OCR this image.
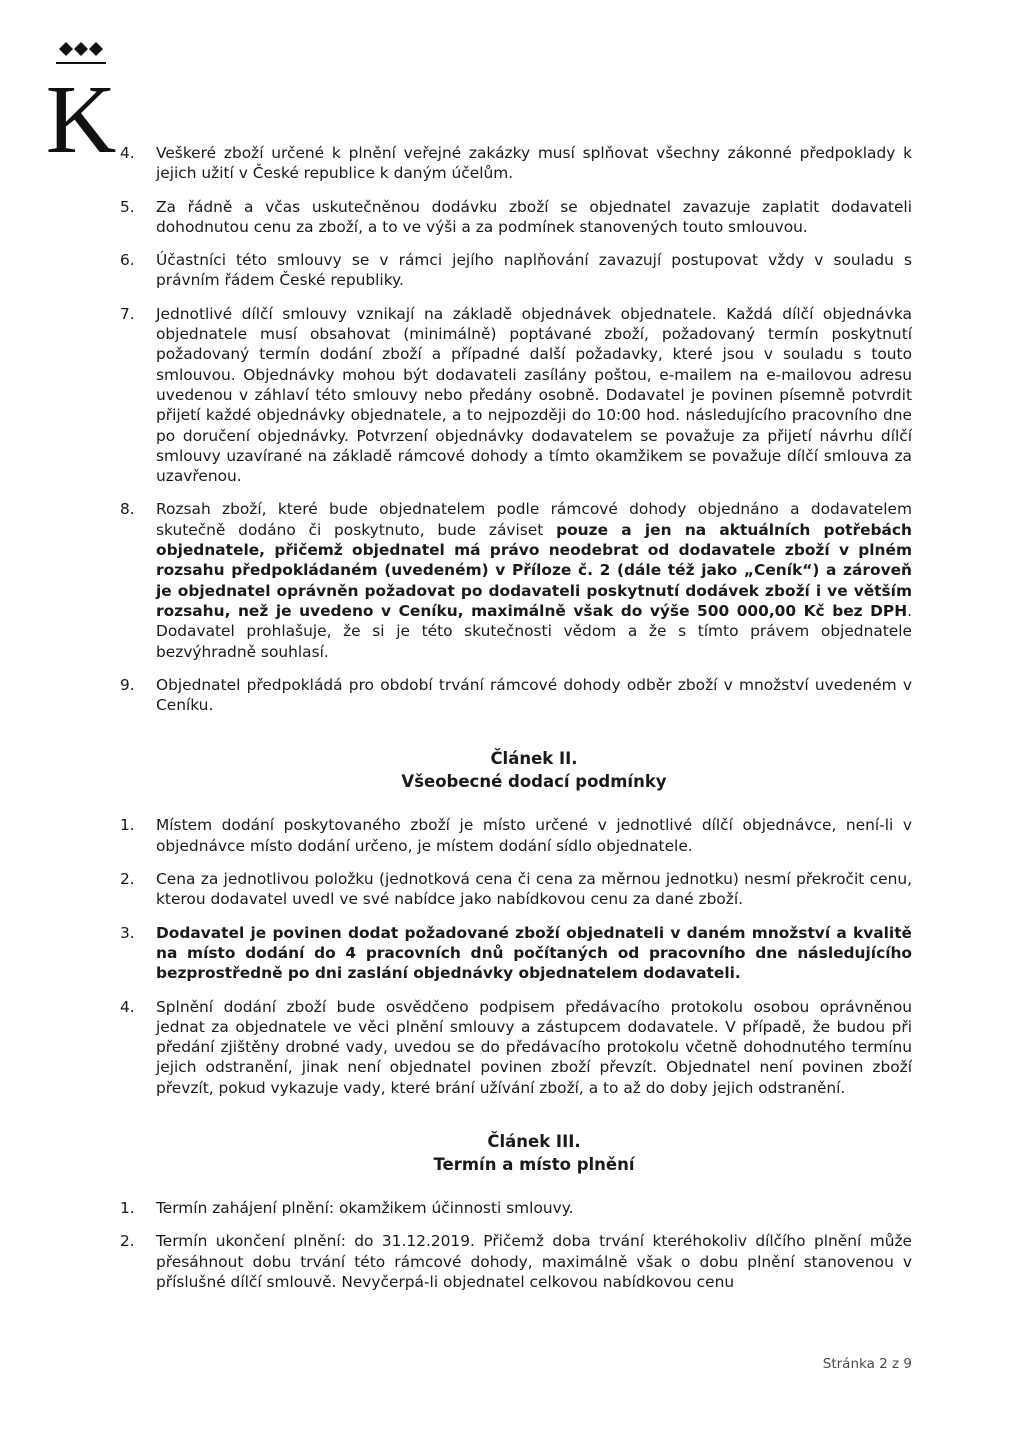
K 4. Veškeré zboží určené k plnění veřejné zakázky musí splňovat všechny zákonné předpoklady k jejich užití v České republice k daným účelům.
5. Za řádně a včas uskutečněnou dodávku zboží se objednatel zavazuje zaplatit dodavateli dohodnutou cenu za zboží, a to ve výši a za podmínek stanovených touto smlouvou.
6. Účastníci této smlouvy se v rámci jejího naplňování zavazují postupovat vždy v souladu s právním řádem České republiky.
7. Jednotlivé dílčí smlouvy vznikají na základě objednávek objednatele. Každá dílčí objednávka objednatele musí obsahovat (minimálně) poptávané zboží, požadovaný termín poskytnutí požadovaný termín dodání zboží a případné další požadavky, které jsou v souladu s touto smlouvou. Objednávky mohou být dodavateli zasílány poštou, e-mailem na e-mailovou adresu uvedenou v záhlaví této smlouvy nebo předány osobně. Dodavatel je povinen písemně potvrdit přijetí každé objednávky objednatele, a to nejpozději do 10:00 hod. následujícího pracovního dne po doručení objednávky. Potvrzení objednávky dodavatelem se považuje za přijetí návrhu dílčí smlouvy uzavírané na základě rámcové dohody a tímto okamžikem se považuje dílčí smlouva za uzavřenou.
8. Rozsah zboží, které bude objednatelem podle rámcové dohody objednáno a dodavatelem skutečně dodáno či poskytnuto, bude záviset pouze a jen na aktuálních potřebách objednatele, přičemž objednatel má právo neodebrat od dodavatele zboží v plném rozsahu předpokládaném (uvedeném) v Příloze č. 2 (dále též jako „Ceník“) a zároveň je objednatel oprávněn požadovat po dodavateli poskytnutí dodávek zboží i ve větším rozsahu, než je uvedeno v Ceníku, maximálně však do výše 500 000,00 Kč bez DPH. Dodavatel prohlašuje, že si je této skutečnosti vědom a že s tímto právem objednatele bezvýhradně souhlasí.
9. Objednatel předpokládá pro období trvání rámcové dohody odběr zboží v množství uvedeném v Ceníku.
Článek II.
Všeobecné dodací podmínky
1. Místem dodání poskytovaného zboží je místo určené v jednotlivé dílčí objednávce, není-li v objednávce místo dodání určeno, je místem dodání sídlo objednatele.
2. Cena za jednotlivou položku (jednotková cena či cena za měrnou jednotku) nesmí překročit cenu, kterou dodavatel uvedl ve své nabídce jako nabídkovou cenu za dané zboží.
3. Dodavatel je povinen dodat požadované zboží objednateli v daném množství a kvalitě na místo dodání do 4 pracovních dnů počítaných od pracovního dne následujícího bezprostředně po dni zaslání objednávky objednatelem dodavateli.
4. Splnění dodání zboží bude osvědčeno podpisem předávacího protokolu osobou oprávněnou jednat za objednatele ve věci plnění smlouvy a zástupcem dodavatele. V případě, že budou při předání zjištěny drobné vady, uvedou se do předávacího protokolu včetně dohodnutého termínu jejich odstranění, jinak není objednatel povinen zboží převzít. Objednatel není povinen zboží převzít, pokud vykazuje vady, které brání užívání zboží, a to až do doby jejich odstranění.
Článek III.
Termín a místo plnění
1. Termín zahájení plnění: okamžikem účinnosti smlouvy.
2. Termín ukončení plnění: do 31.12.2019. Přičemž doba trvání kteréhokoliv dílčího plnění může přesáhnout dobu trvání této rámcové dohody, maximálně však o dobu plnění stanovenou v příslušné dílčí smlouvě. Nevyčerpá-li objednatel celkovou nabídkovou cenu
Stránka 2 z 9
